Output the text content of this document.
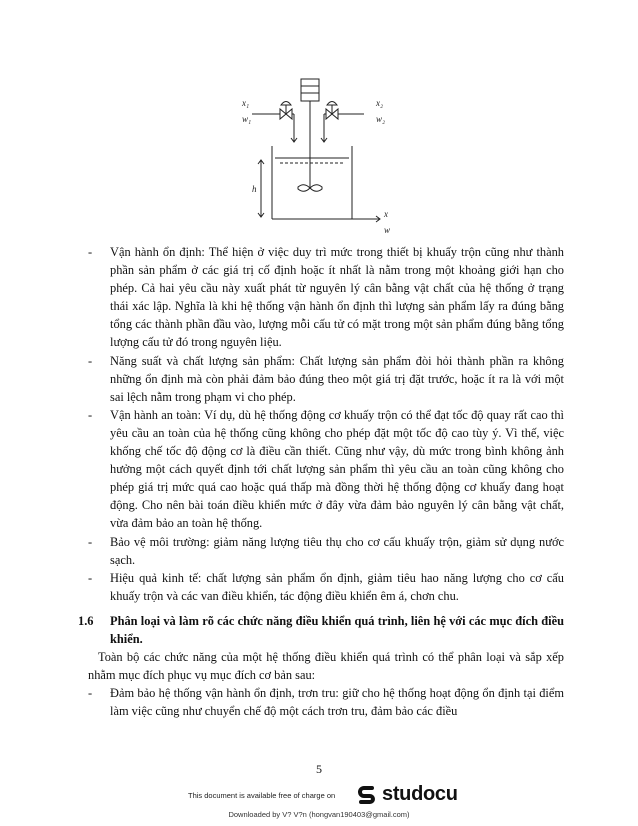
x₁
w₁
x₂
w₂
h
x
w
-	Vận hành ổn định: Thể hiện ở việc duy trì mức trong thiết bị khuấy trộn cũng như thành phần sản phẩm ở các giá trị cố định hoặc ít nhất là nằm trong một khoảng giới hạn cho phép. Cả hai yêu cầu này xuất phát từ nguyên lý cân bằng vật chất của hệ thống ở trạng thái xác lập. Nghĩa là khi hệ thống vận hành ổn định thì lượng sản phẩm lấy ra đúng bằng tổng các thành phần đầu vào, lượng mỗi cấu tử có mặt trong một sản phẩm đúng bằng tổng lượng cấu tử đó trong nguyên liệu.
-	Năng suất và chất lượng sản phẩm: Chất lượng sản phẩm đòi hỏi thành phần ra không những ổn định mà còn phải đảm bảo đúng theo một giá trị đặt trước, hoặc ít ra là với một sai lệch nằm trong phạm vi cho phép.
-	Vận hành an toàn: Ví dụ, dù hệ thống động cơ khuấy trộn có thể đạt tốc độ quay rất cao thì yêu cầu an toàn của hệ thống cũng không cho phép đặt một tốc độ cao tùy ý. Vì thế, việc khống chế tốc độ động cơ là điều cần thiết. Cũng như vậy, dù mức trong bình không ảnh hưởng một cách quyết định tới chất lượng sản phẩm thì yêu cầu an toàn cũng không cho phép giá trị mức quá cao hoặc quá thấp mà đồng thời hệ thống động cơ khuấy đang hoạt động. Cho nên bài toán điều khiển mức ở đây vừa đảm bảo nguyên lý cân bằng vật chất, vừa đảm bảo an toàn hệ thống.
-	Bảo vệ môi trường: giảm năng lượng tiêu thụ cho cơ cấu khuấy trộn, giảm sử dụng nước sạch.
-	Hiệu quả kinh tế: chất lượng sản phẩm ổn định, giảm tiêu hao năng lượng cho cơ cấu khuấy trộn và các van điều khiển, tác động điều khiển êm á, chơn chu.
1.6	Phân loại và làm rõ các chức năng điều khiển quá trình, liên hệ với các mục đích điều khiển.
Toàn bộ các chức năng của một hệ thống điều khiển quá trình có thể phân loại và sắp xếp nhằm mục đích phục vụ mục đích cơ bản sau:
-	Đảm bảo hệ thống vận hành ổn định, trơn tru: giữ cho hệ thống hoạt động ổn định tại điểm làm việc cũng như chuyển chế độ một cách trơn tru, đảm bảo các điều
5
This document is available free of charge on studocu
Downloaded by V? V?n (hongvan190403@gmail.com)
